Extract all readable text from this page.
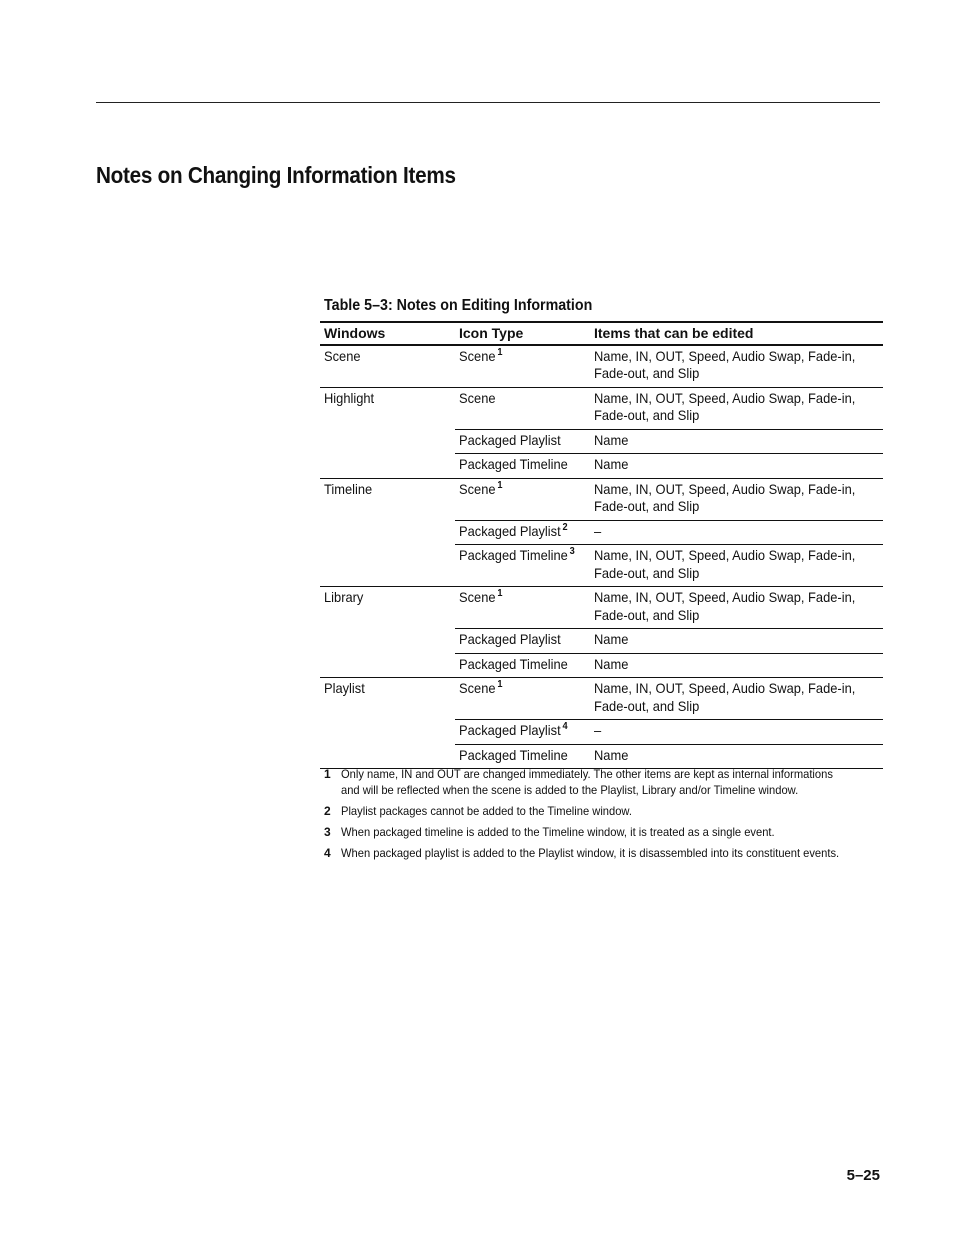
Notes on Changing Information Items
Table 5–3: Notes on Editing Information
Windows	Icon Type	Items that can be edited
Scene	Scene $^1$	Name, IN, OUT, Speed, Audio Swap, Fade-in, Fade-out, and Slip
Highlight	Scene	Name, IN, OUT, Speed, Audio Swap, Fade-in, Fade-out, and Slip
	Packaged Playlist	Name
	Packaged Timeline	Name
Timeline	Scene $^1$	Name, IN, OUT, Speed, Audio Swap, Fade-in, Fade-out, and Slip
	Packaged Playlist $^2$	–
	Packaged Timeline $^3$	Name, IN, OUT, Speed, Audio Swap, Fade-in, Fade-out, and Slip
Library	Scene $^1$	Name, IN, OUT, Speed, Audio Swap, Fade-in, Fade-out, and Slip
	Packaged Playlist	Name
	Packaged Timeline	Name
Playlist	Scene $^1$	Name, IN, OUT, Speed, Audio Swap, Fade-in, Fade-out, and Slip
	Packaged Playlist $^4$	–
	Packaged Timeline	Name
1 Only name, IN and OUT are changed immediately. The other items are kept as internal informations and will be reflected when the scene is added to the Playlist, Library and/or Timeline window.
2 Playlist packages cannot be added to the Timeline window.
3 When packaged timeline is added to the Timeline window, it is treated as a single event.
4 When packaged playlist is added to the Playlist window, it is disassembled into its constituent events.
5–25
